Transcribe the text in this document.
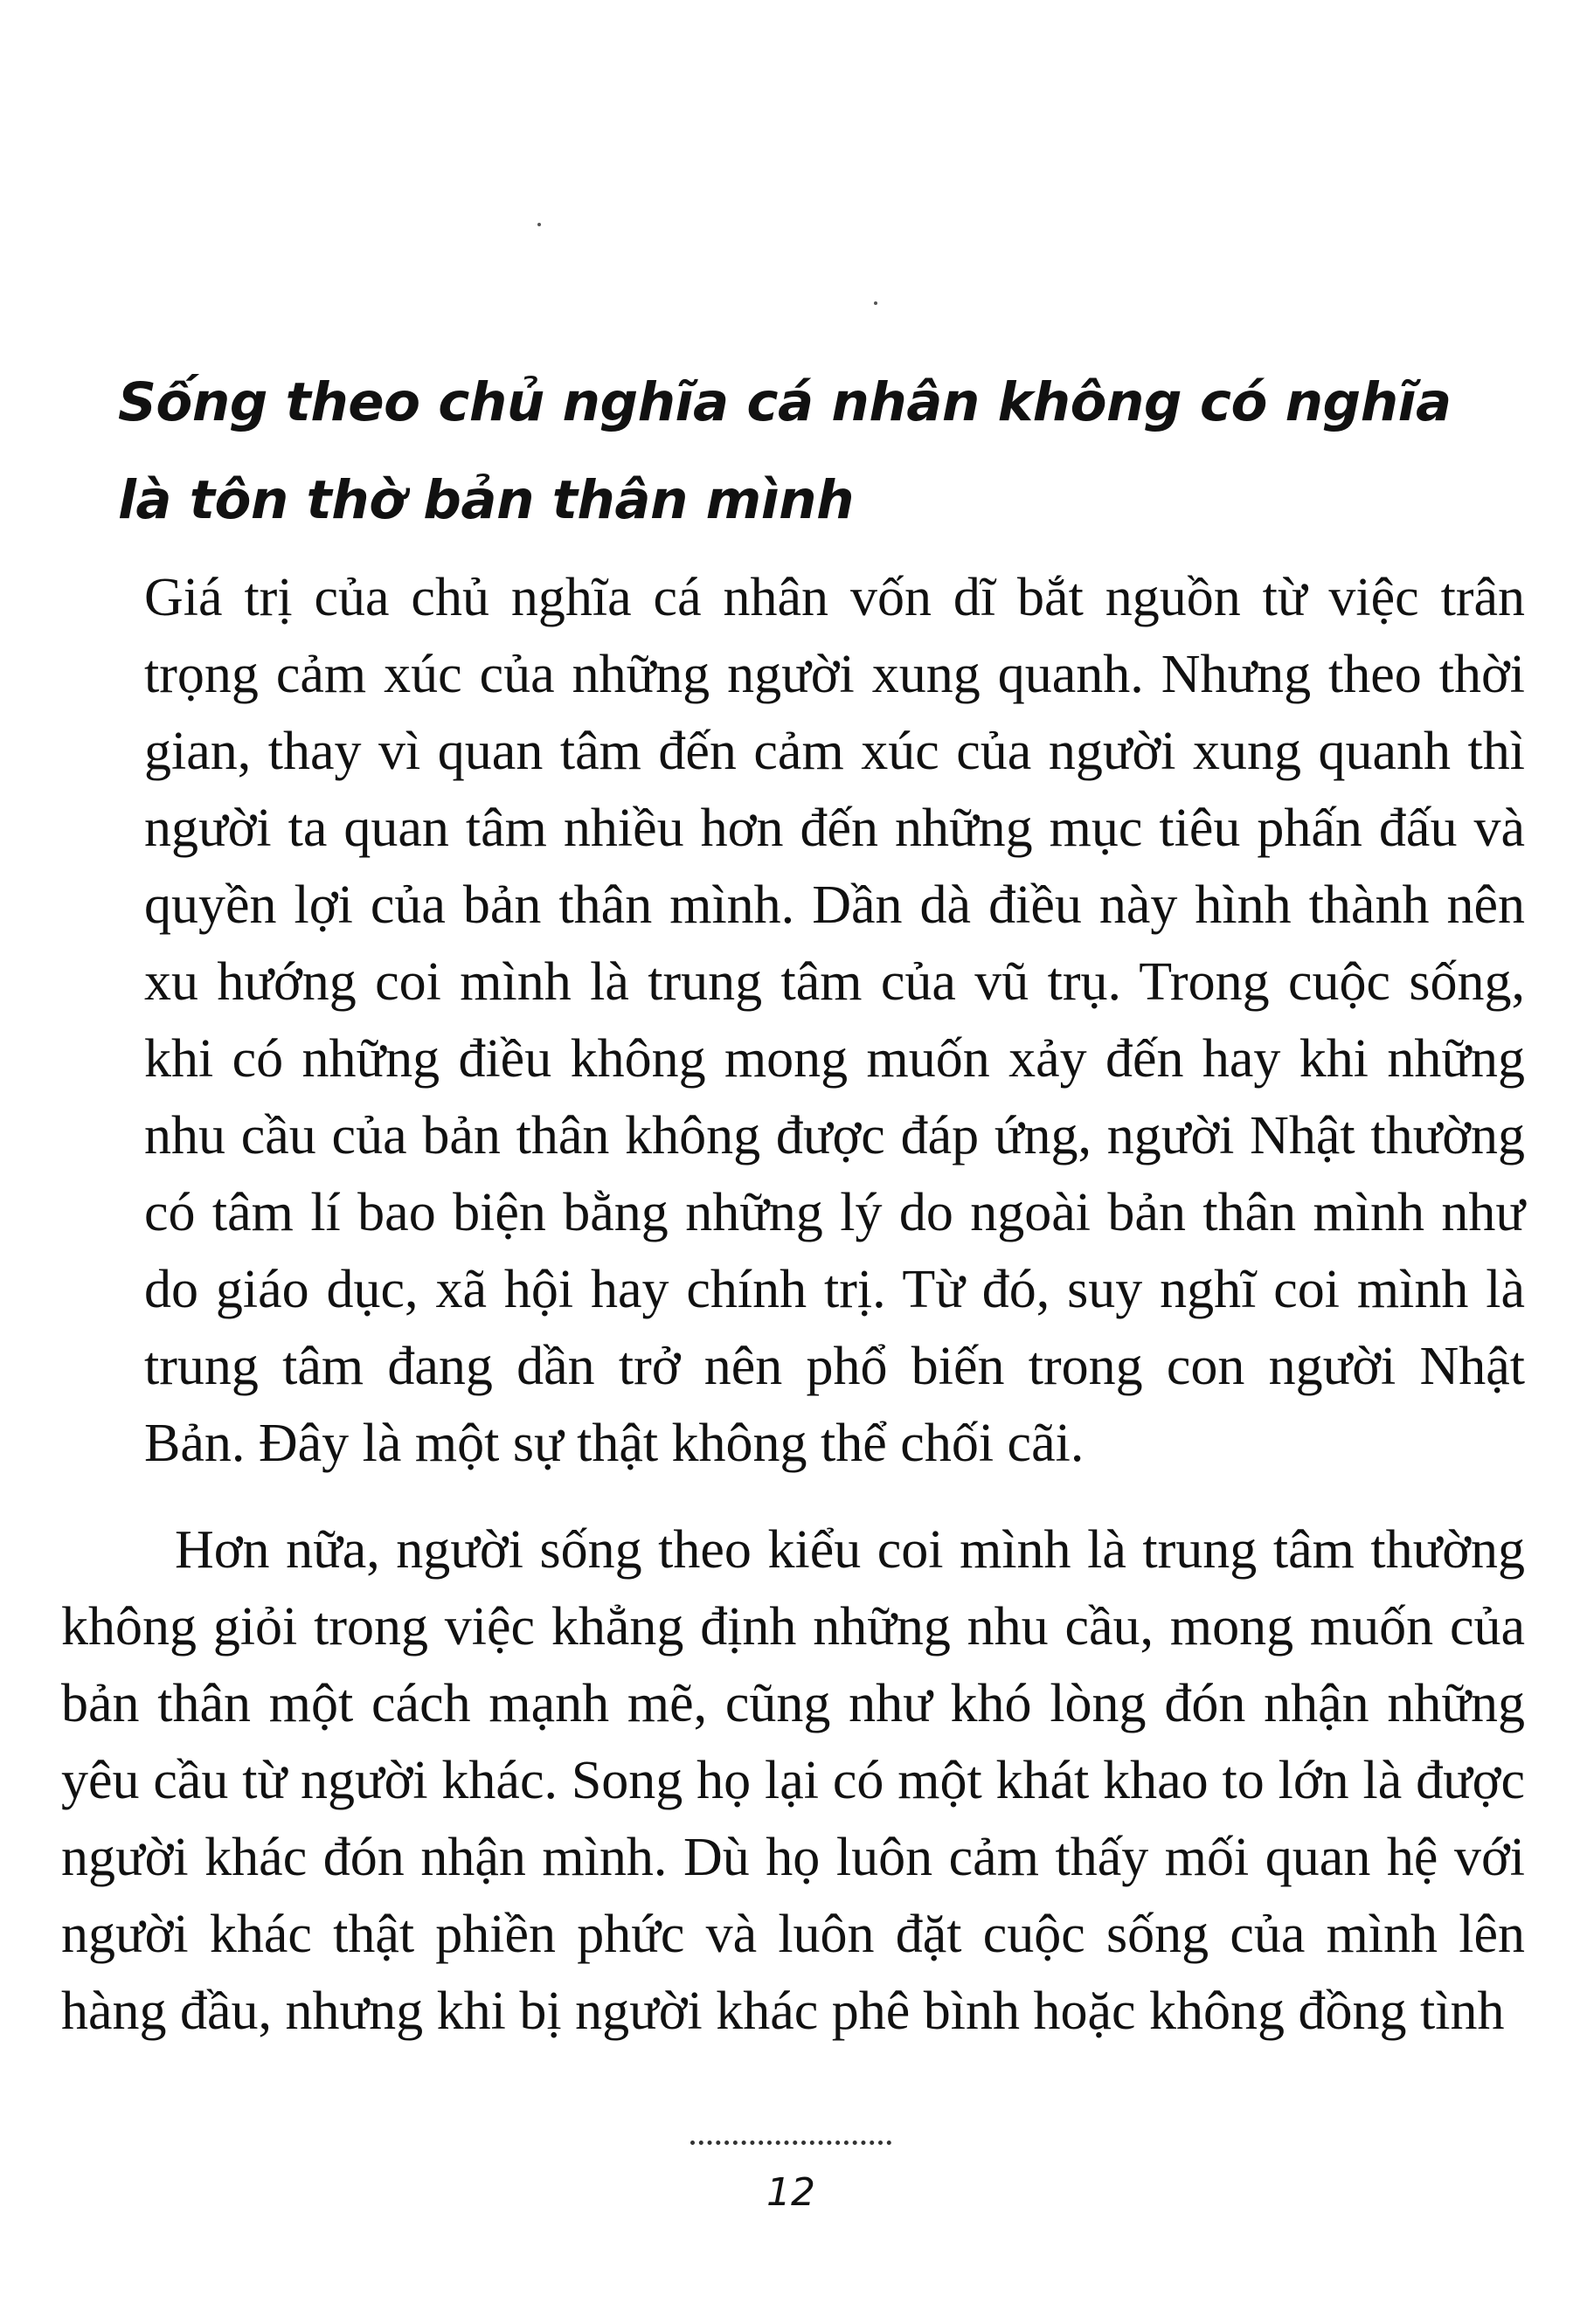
Sống theo chủ nghĩa cá nhân không có nghĩa là tôn thờ bản thân mình

Giá trị của chủ nghĩa cá nhân vốn dĩ bắt nguồn từ việc trân trọng cảm xúc của những người xung quanh. Nhưng theo thời gian, thay vì quan tâm đến cảm xúc của người xung quanh thì người ta quan tâm nhiều hơn đến những mục tiêu phấn đấu và quyền lợi của bản thân mình. Dần dà điều này hình thành nên xu hướng coi mình là trung tâm của vũ trụ. Trong cuộc sống, khi có những điều không mong muốn xảy đến hay khi những nhu cầu của bản thân không được đáp ứng, người Nhật thường có tâm lí bao biện bằng những lý do ngoài bản thân mình như do giáo dục, xã hội hay chính trị. Từ đó, suy nghĩ coi mình là trung tâm đang dần trở nên phổ biến trong con người Nhật Bản. Đây là một sự thật không thể chối cãi.

Hơn nữa, người sống theo kiểu coi mình là trung tâm thường không giỏi trong việc khẳng định những nhu cầu, mong muốn của bản thân một cách mạnh mẽ, cũng như khó lòng đón nhận những yêu cầu từ người khác. Song họ lại có một khát khao to lớn là được người khác đón nhận mình. Dù họ luôn cảm thấy mối quan hệ với người khác thật phiền phức và luôn đặt cuộc sống của mình lên hàng đầu, nhưng khi bị người khác phê bình hoặc không đồng tình

12
